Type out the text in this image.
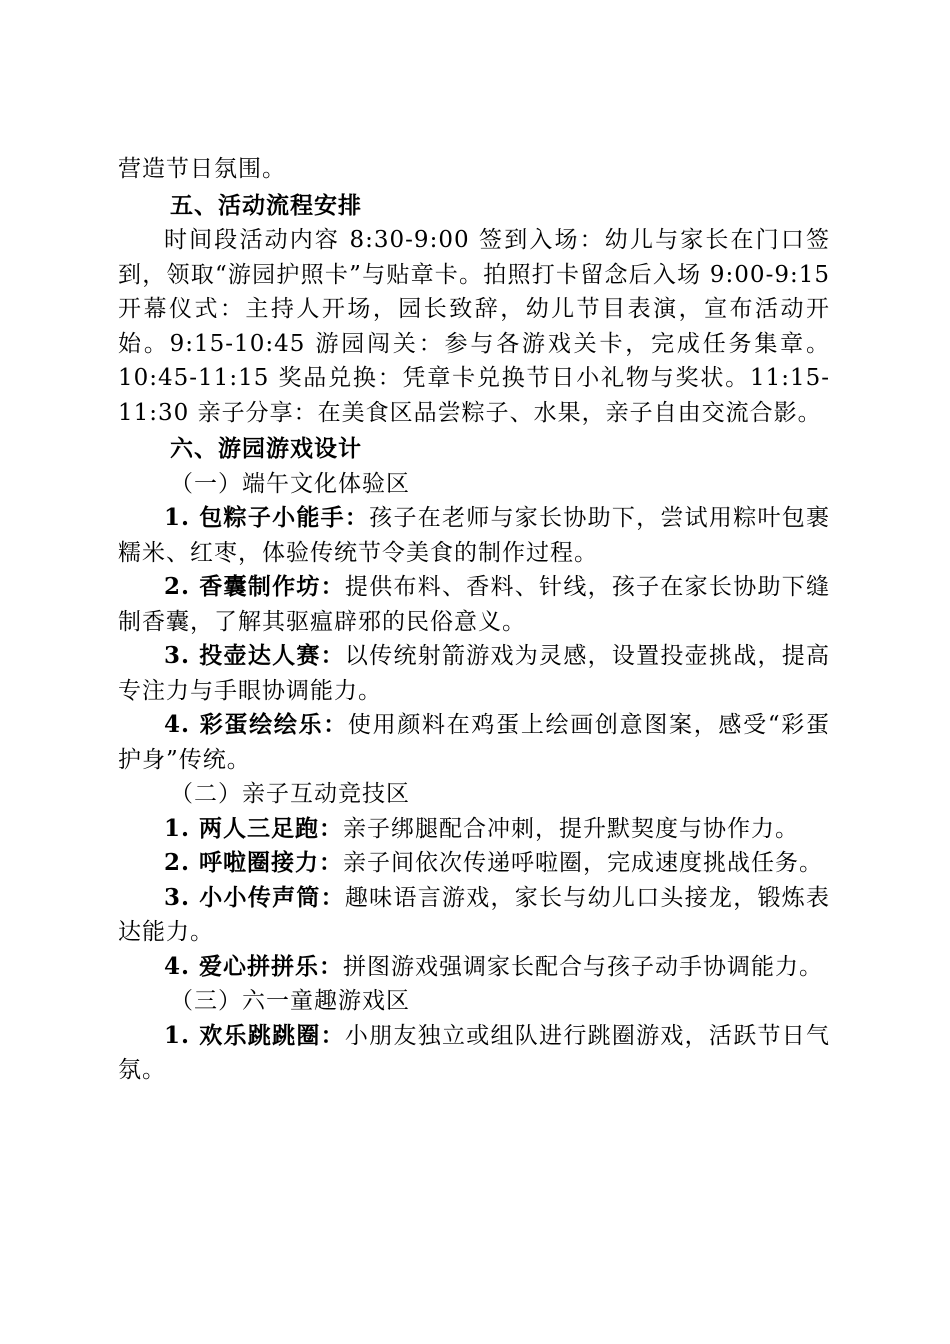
营造节日氛围。

五、活动流程安排

时间段活动内容 8:30-9:00 签到入场：幼儿与家长在门口签到，领取“游园护照卡”与贴章卡。拍照打卡留念后入场 9:00-9:15 开幕仪式：主持人开场，园长致辞，幼儿节目表演，宣布活动开始。9:15-10:45 游园闯关：参与各游戏关卡，完成任务集章。10:45-11:15 奖品兑换：凭章卡兑换节日小礼物与奖状。11:15-11:30 亲子分享：在美食区品尝粽子、水果，亲子自由交流合影。

六、游园游戏设计

（一）端午文化体验区

1. 包粽子小能手：孩子在老师与家长协助下，尝试用粽叶包裹糯米、红枣，体验传统节令美食的制作过程。

2. 香囊制作坊：提供布料、香料、针线，孩子在家长协助下缝制香囊，了解其驱瘟辟邪的民俗意义。

3. 投壶达人赛：以传统射箭游戏为灵感，设置投壶挑战，提高专注力与手眼协调能力。

4. 彩蛋绘绘乐：使用颜料在鸡蛋上绘画创意图案，感受“彩蛋护身”传统。

（二）亲子互动竞技区

1. 两人三足跑：亲子绑腿配合冲刺，提升默契度与协作力。

2. 呼啦圈接力：亲子间依次传递呼啦圈，完成速度挑战任务。

3. 小小传声筒：趣味语言游戏，家长与幼儿口头接龙，锻炼表达能力。

4. 爱心拼拼乐：拼图游戏强调家长配合与孩子动手协调能力。

（三）六一童趣游戏区

1. 欢乐跳跳圈：小朋友独立或组队进行跳圈游戏，活跃节日气氛。
